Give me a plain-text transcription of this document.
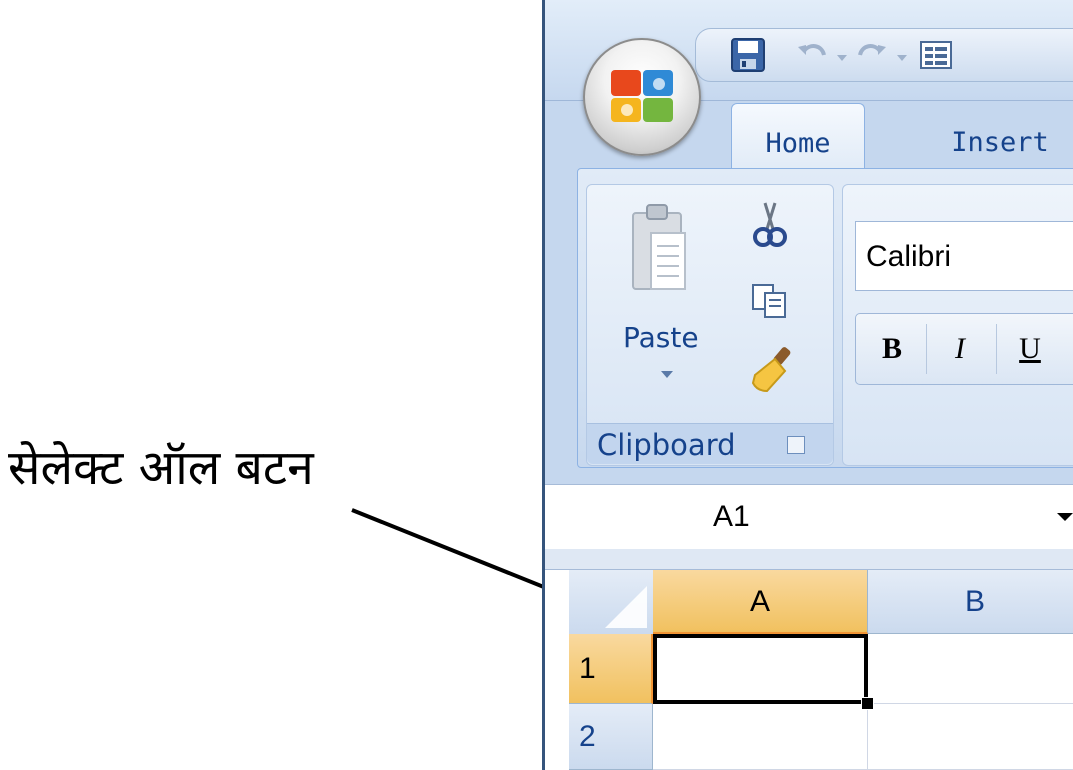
सेलेक्ट ऑल बटन
Home	Insert
Paste
Clipboard
Calibri
B	I	U
A1
A	B
1
2
